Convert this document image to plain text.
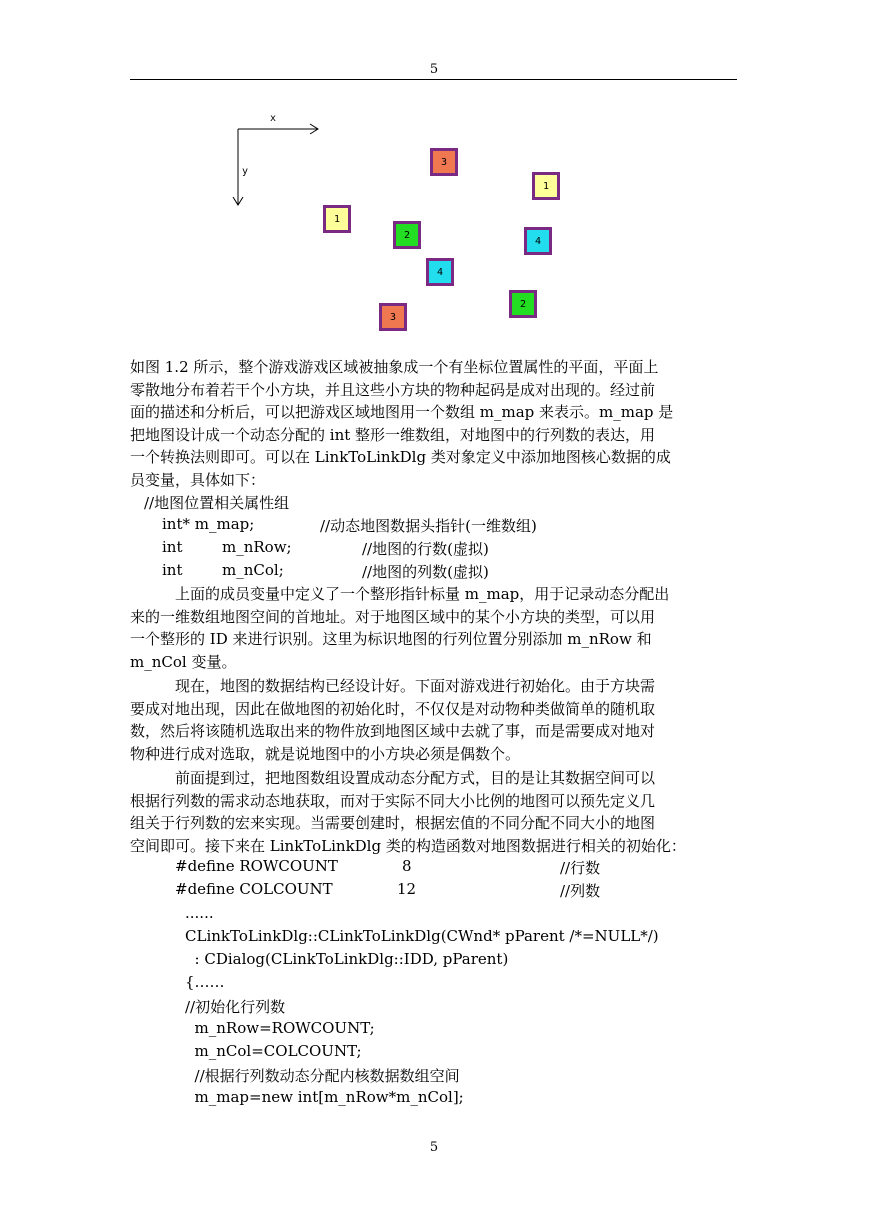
5
x
y
3
1
1
2
4
4
2
3
如图 1.2 所示，整个游戏游戏区域被抽象成一个有坐标位置属性的平面，平面上
零散地分布着若干个小方块，并且这些小方块的物种起码是成对出现的。经过前
面的描述和分析后，可以把游戏区域地图用一个数组 m_map 来表示。m_map 是
把地图设计成一个动态分配的 int 整形一维数组，对地图中的行列数的表达，用
一个转换法则即可。可以在 LinkToLinkDlg 类对象定义中添加地图核心数据的成
员变量，具体如下：
//地图位置相关属性组
int* m_map;	//动态地图数据头指针(一维数组)
int	m_nRow;	//地图的行数(虚拟)
int	m_nCol;	//地图的列数(虚拟)
上面的成员变量中定义了一个整形指针标量 m_map，用于记录动态分配出
来的一维数组地图空间的首地址。对于地图区域中的某个小方块的类型，可以用
一个整形的 ID 来进行识别。这里为标识地图的行列位置分别添加 m_nRow 和
m_nCol 变量。
现在，地图的数据结构已经设计好。下面对游戏进行初始化。由于方块需
要成对地出现，因此在做地图的初始化时，不仅仅是对动物种类做简单的随机取
数，然后将该随机选取出来的物件放到地图区域中去就了事，而是需要成对地对
物种进行成对选取，就是说地图中的小方块必须是偶数个。
前面提到过，把地图数组设置成动态分配方式，目的是让其数据空间可以
根据行列数的需求动态地获取，而对于实际不同大小比例的地图可以预先定义几
组关于行列数的宏来实现。当需要创建时，根据宏值的不同分配不同大小的地图
空间即可。接下来在 LinkToLinkDlg 类的构造函数对地图数据进行相关的初始化：
#define ROWCOUNT	8	//行数
#define COLCOUNT	12	//列数
......
CLinkToLinkDlg::CLinkToLinkDlg(CWnd* pParent /*=NULL*/)
: CDialog(CLinkToLinkDlg::IDD, pParent)
{……
//初始化行列数
m_nRow=ROWCOUNT;
m_nCol=COLCOUNT;
//根据行列数动态分配内核数据数组空间
m_map=new int[m_nRow*m_nCol];
5
